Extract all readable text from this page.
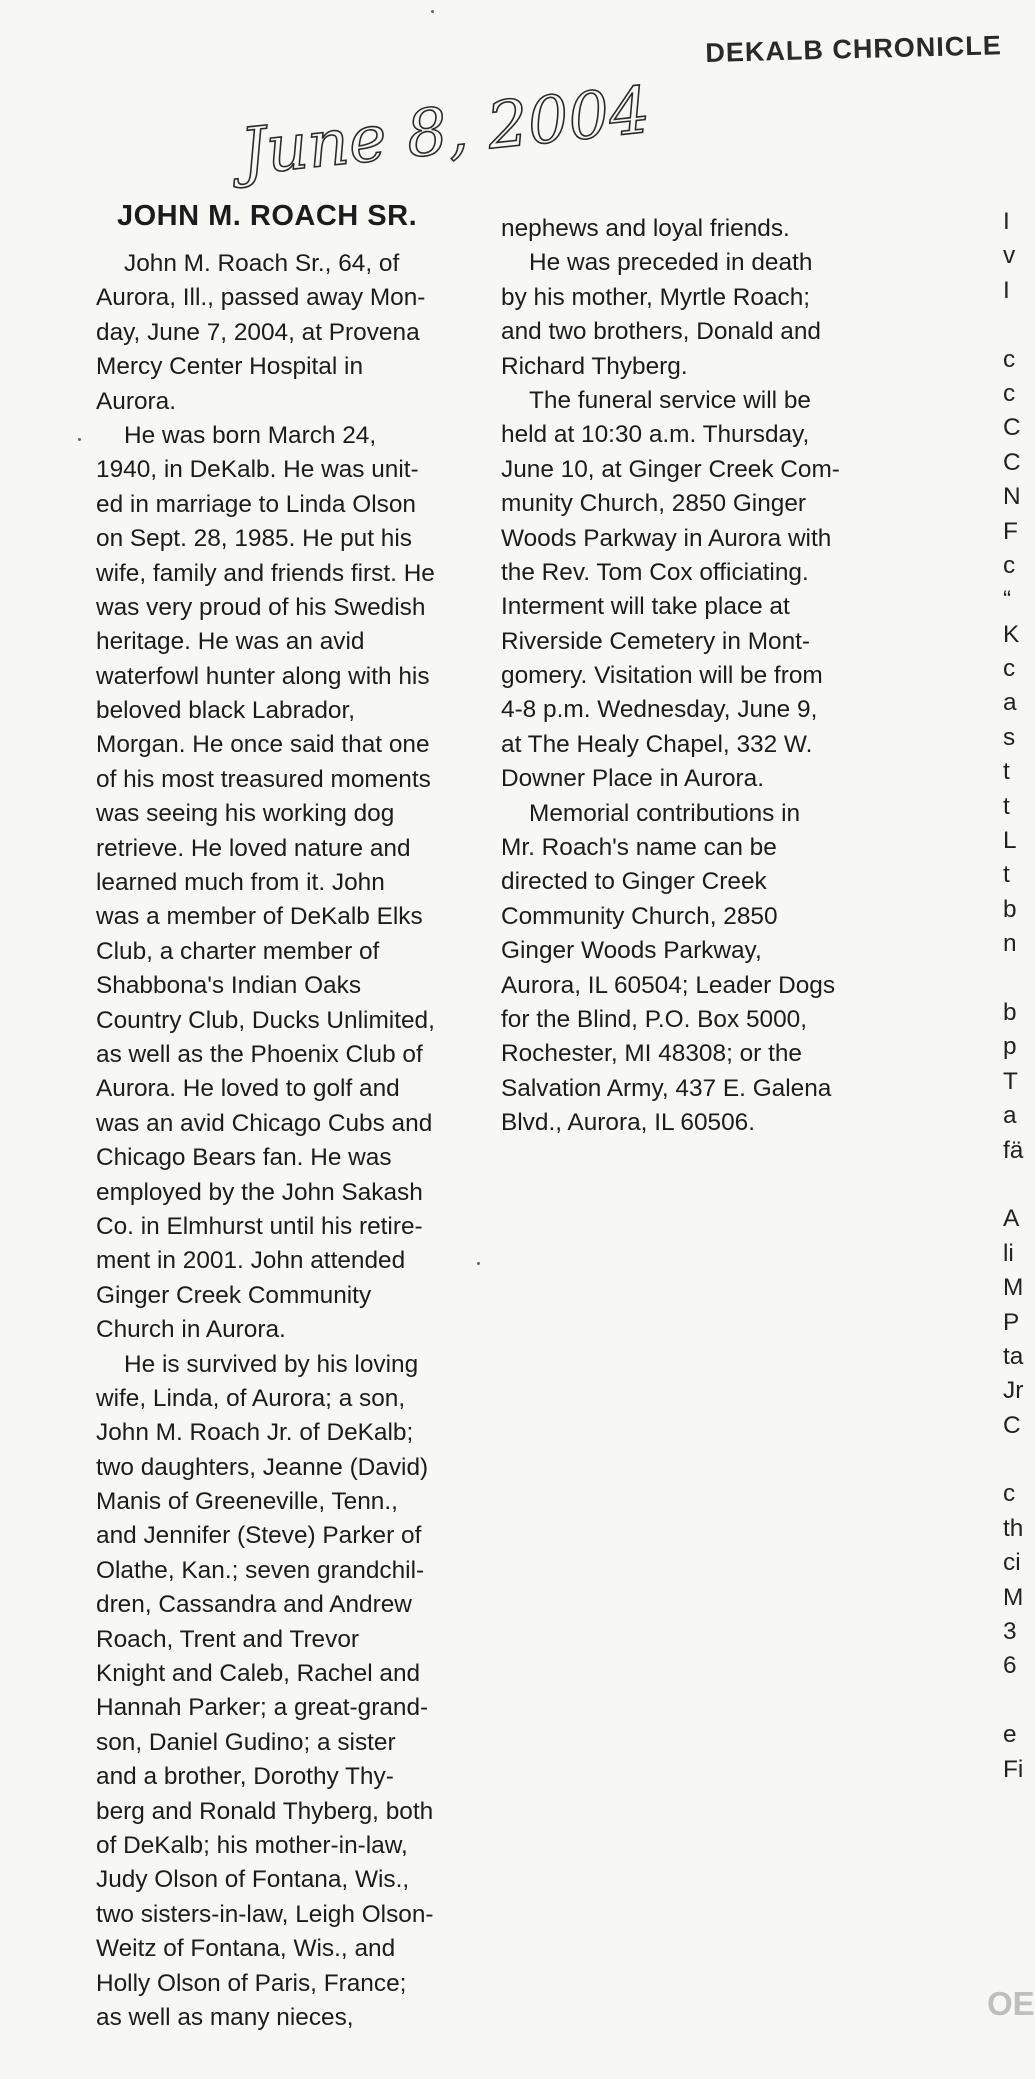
June 8, 2004
DEKALB CHRONICLE
JOHN M. ROACH SR.
John M. Roach Sr., 64, of
Aurora, Ill., passed away Mon-
day, June 7, 2004, at Provena
Mercy Center Hospital in
Aurora.
He was born March 24,
1940, in DeKalb. He was unit-
ed in marriage to Linda Olson
on Sept. 28, 1985. He put his
wife, family and friends first. He
was very proud of his Swedish
heritage. He was an avid
waterfowl hunter along with his
beloved black Labrador,
Morgan. He once said that one
of his most treasured moments
was seeing his working dog
retrieve. He loved nature and
learned much from it. John
was a member of DeKalb Elks
Club, a charter member of
Shabbona's Indian Oaks
Country Club, Ducks Unlimited,
as well as the Phoenix Club of
Aurora. He loved to golf and
was an avid Chicago Cubs and
Chicago Bears fan. He was
employed by the John Sakash
Co. in Elmhurst until his retire-
ment in 2001. John attended
Ginger Creek Community
Church in Aurora.
He is survived by his loving
wife, Linda, of Aurora; a son,
John M. Roach Jr. of DeKalb;
two daughters, Jeanne (David)
Manis of Greeneville, Tenn.,
and Jennifer (Steve) Parker of
Olathe, Kan.; seven grandchil-
dren, Cassandra and Andrew
Roach, Trent and Trevor
Knight and Caleb, Rachel and
Hannah Parker; a great-grand-
son, Daniel Gudino; a sister
and a brother, Dorothy Thy-
berg and Ronald Thyberg, both
of DeKalb; his mother-in-law,
Judy Olson of Fontana, Wis.,
two sisters-in-law, Leigh Olson-
Weitz of Fontana, Wis., and
Holly Olson of Paris, France;
as well as many nieces,
nephews and loyal friends.
He was preceded in death
by his mother, Myrtle Roach;
and two brothers, Donald and
Richard Thyberg.
The funeral service will be
held at 10:30 a.m. Thursday,
June 10, at Ginger Creek Com-
munity Church, 2850 Ginger
Woods Parkway in Aurora with
the Rev. Tom Cox officiating.
Interment will take place at
Riverside Cemetery in Mont-
gomery. Visitation will be from
4-8 p.m. Wednesday, June 9,
at The Healy Chapel, 332 W.
Downer Place in Aurora.
Memorial contributions in
Mr. Roach's name can be
directed to Ginger Creek
Community Church, 2850
Ginger Woods Parkway,
Aurora, IL 60504; Leader Dogs
for the Blind, P.O. Box 5000,
Rochester, MI 48308; or the
Salvation Army, 437 E. Galena
Blvd., Aurora, IL 60506.
I
v
I
c
c
C
C
N
F
c
“
K
c
a
s
t
t
L
t
b
n
b
p
T
a
fä
A
li
M
P
ta
Jr
C
c
th
ci
M
3
6
e
Fi
OE
